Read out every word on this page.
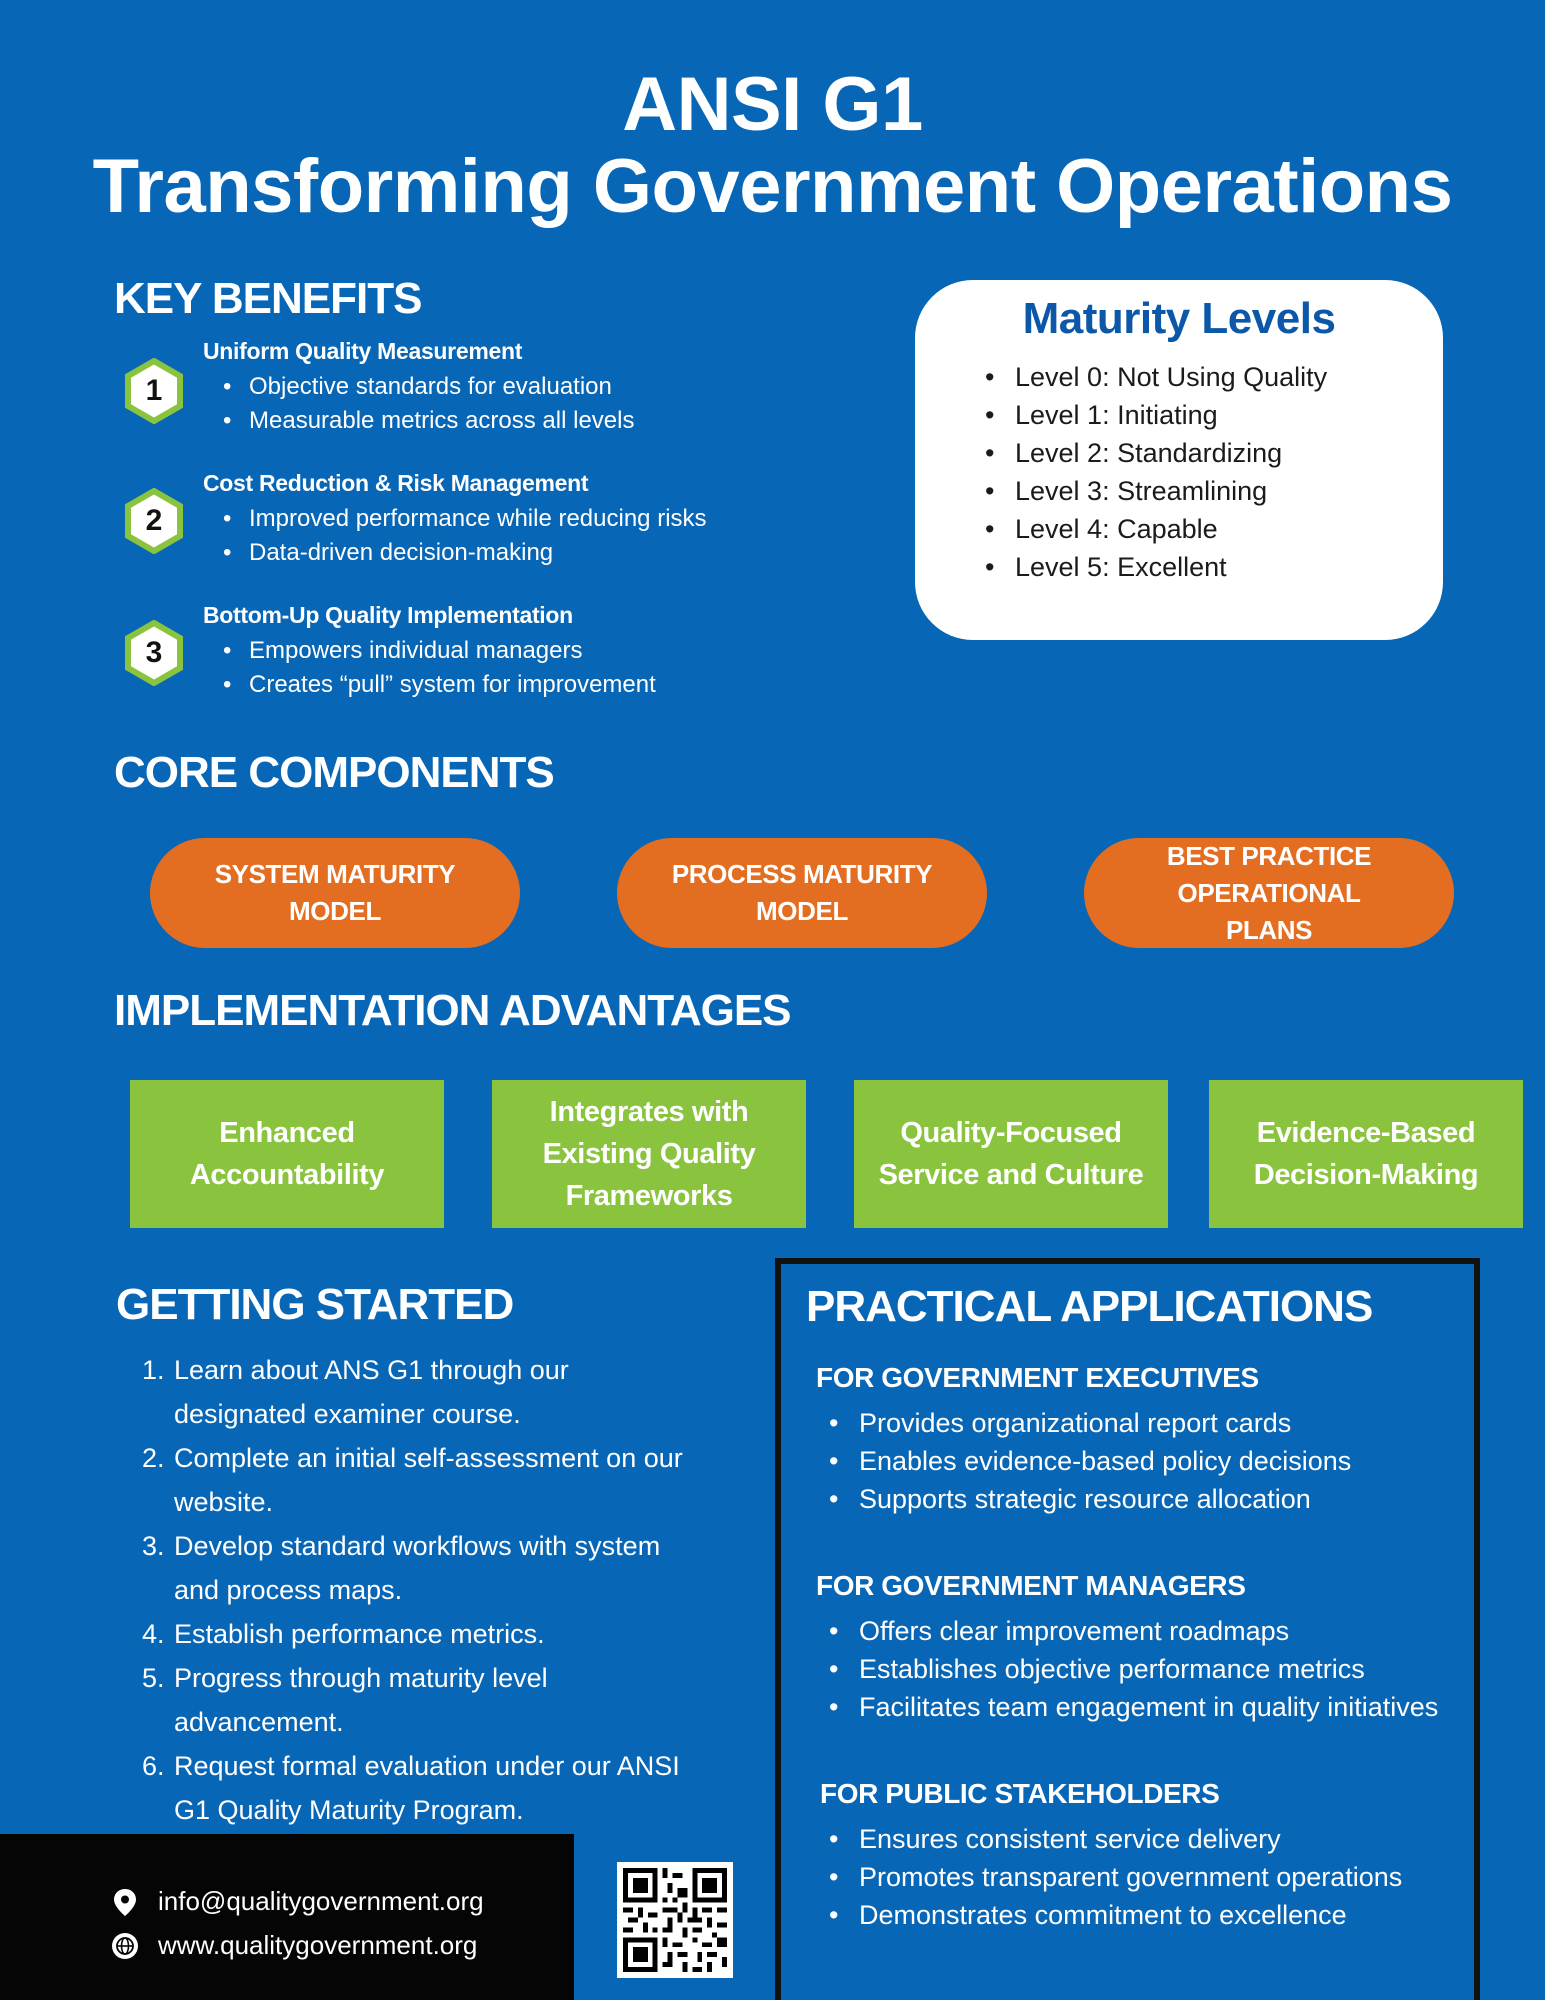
ANSI G1
Transforming Government Operations
KEY BENEFITS
1
Uniform Quality Measurement
• Objective standards for evaluation
• Measurable metrics across all levels
2
Cost Reduction & Risk Management
• Improved performance while reducing risks
• Data-driven decision-making
3
Bottom-Up Quality Implementation
• Empowers individual managers
• Creates “pull” system for improvement
Maturity Levels
• Level 0: Not Using Quality
• Level 1: Initiating
• Level 2: Standardizing
• Level 3: Streamlining
• Level 4: Capable
• Level 5: Excellent
CORE COMPONENTS
SYSTEM MATURITY MODEL
PROCESS MATURITY MODEL
BEST PRACTICE OPERATIONAL PLANS
IMPLEMENTATION ADVANTAGES
Enhanced Accountability
Integrates with Existing Quality Frameworks
Quality-Focused Service and Culture
Evidence-Based Decision-Making
GETTING STARTED
1. Learn about ANS G1 through our designated examiner course.
2. Complete an initial self-assessment on our website.
3. Develop standard workflows with system and process maps.
4. Establish performance metrics.
5. Progress through maturity level advancement.
6. Request formal evaluation under our ANSI G1 Quality Maturity Program.
PRACTICAL APPLICATIONS
FOR GOVERNMENT EXECUTIVES
• Provides organizational report cards
• Enables evidence-based policy decisions
• Supports strategic resource allocation
FOR GOVERNMENT MANAGERS
• Offers clear improvement roadmaps
• Establishes objective performance metrics
• Facilitates team engagement in quality initiatives
FOR PUBLIC STAKEHOLDERS
• Ensures consistent service delivery
• Promotes transparent government operations
• Demonstrates commitment to excellence
info@qualitygovernment.org
www.qualitygovernment.org
